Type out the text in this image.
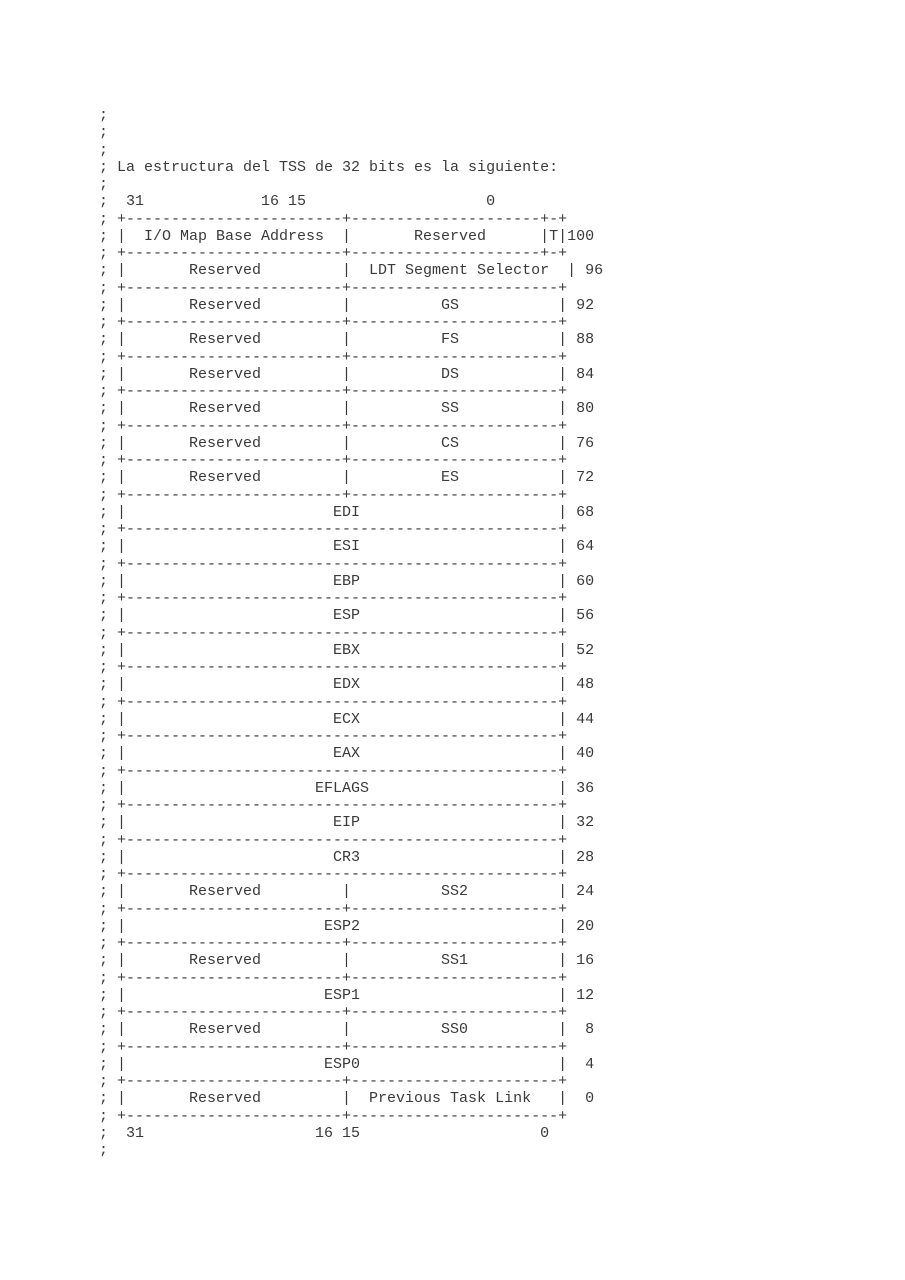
;
;
;
; La estructura del TSS de 32 bits es la siguiente:
;
;  31             16 15                    0
; +------------------------+---------------------+-+
; |  I/O Map Base Address  |       Reserved      |T|100
; +------------------------+---------------------+-+
; |       Reserved         |  LDT Segment Selector  | 96
; +------------------------+-----------------------+
; |       Reserved         |          GS           | 92
; +------------------------+-----------------------+
; |       Reserved         |          FS           | 88
; +------------------------+-----------------------+
; |       Reserved         |          DS           | 84
; +------------------------+-----------------------+
; |       Reserved         |          SS           | 80
; +------------------------+-----------------------+
; |       Reserved         |          CS           | 76
; +------------------------+-----------------------+
; |       Reserved         |          ES           | 72
; +------------------------+-----------------------+
; |                       EDI                      | 68
; +------------------------------------------------+
; |                       ESI                      | 64
; +------------------------------------------------+
; |                       EBP                      | 60
; +------------------------------------------------+
; |                       ESP                      | 56
; +------------------------------------------------+
; |                       EBX                      | 52
; +------------------------------------------------+
; |                       EDX                      | 48
; +------------------------------------------------+
; |                       ECX                      | 44
; +------------------------------------------------+
; |                       EAX                      | 40
; +------------------------------------------------+
; |                     EFLAGS                     | 36
; +------------------------------------------------+
; |                       EIP                      | 32
; +------------------------------------------------+
; |                       CR3                      | 28
; +------------------------------------------------+
; |       Reserved         |          SS2          | 24
; +------------------------+-----------------------+
; |                      ESP2                      | 20
; +------------------------+-----------------------+
; |       Reserved         |          SS1          | 16
; +------------------------+-----------------------+
; |                      ESP1                      | 12
; +------------------------+-----------------------+
; |       Reserved         |          SS0          |  8
; +------------------------+-----------------------+
; |                      ESP0                      |  4
; +------------------------+-----------------------+
; |       Reserved         |  Previous Task Link   |  0
; +------------------------+-----------------------+
;  31                   16 15                    0
;
